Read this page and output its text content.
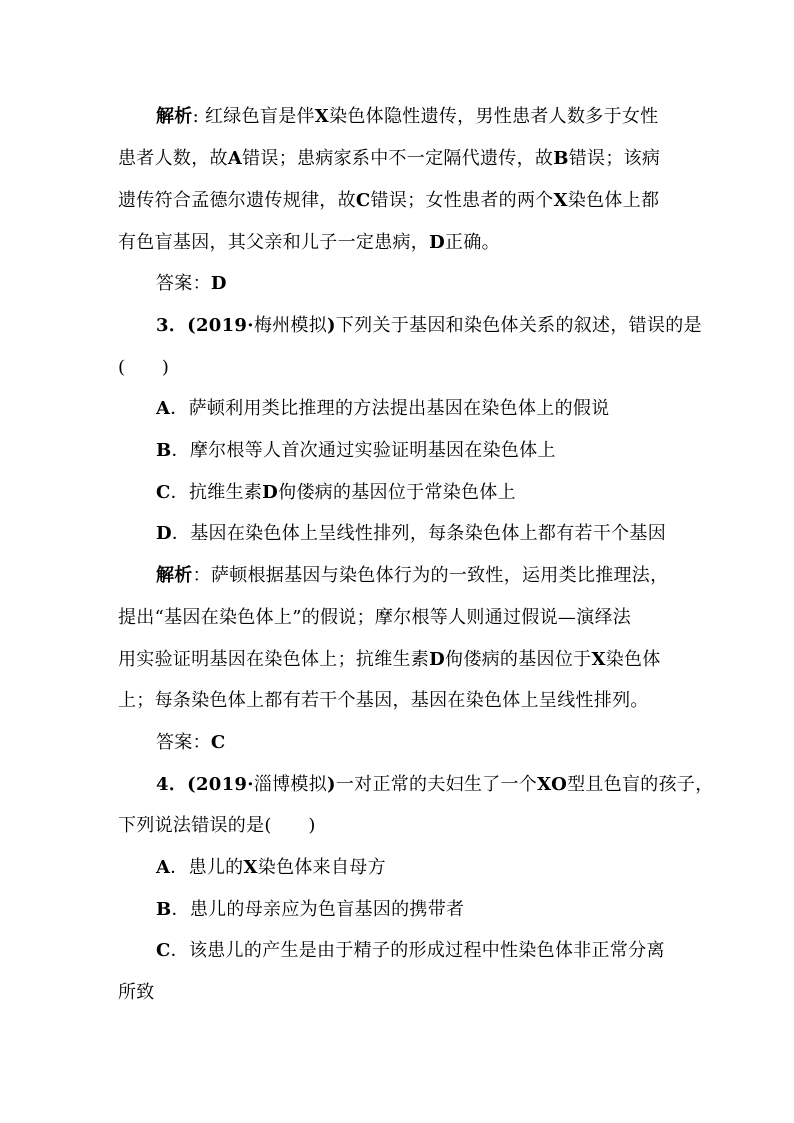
解析: 红绿色盲是伴X染色体隐性遗传，男性患者人数多于女性
患者人数，故A错误；患病家系中不一定隔代遗传，故B错误；该病
遗传符合孟德尔遗传规律，故C错误；女性患者的两个X染色体上都
有色盲基因，其父亲和儿子一定患病，D正确。
答案：D
3．(2019·梅州模拟)下列关于基因和染色体关系的叙述，错误的是
(　　)
A．萨顿利用类比推理的方法提出基因在染色体上的假说
B．摩尔根等人首次通过实验证明基因在染色体上
C．抗维生素D佝偻病的基因位于常染色体上
D．基因在染色体上呈线性排列，每条染色体上都有若干个基因
解析：萨顿根据基因与染色体行为的一致性，运用类比推理法，
提出“基因在染色体上”的假说；摩尔根等人则通过假说—演绎法
用实验证明基因在染色体上；抗维生素D佝偻病的基因位于X染色体
上；每条染色体上都有若干个基因，基因在染色体上呈线性排列。
答案：C
4．(2019·淄博模拟)一对正常的夫妇生了一个XO型且色盲的孩子，
下列说法错误的是(　　)
A．患儿的X染色体来自母方
B．患儿的母亲应为色盲基因的携带者
C．该患儿的产生是由于精子的形成过程中性染色体非正常分离
所致
